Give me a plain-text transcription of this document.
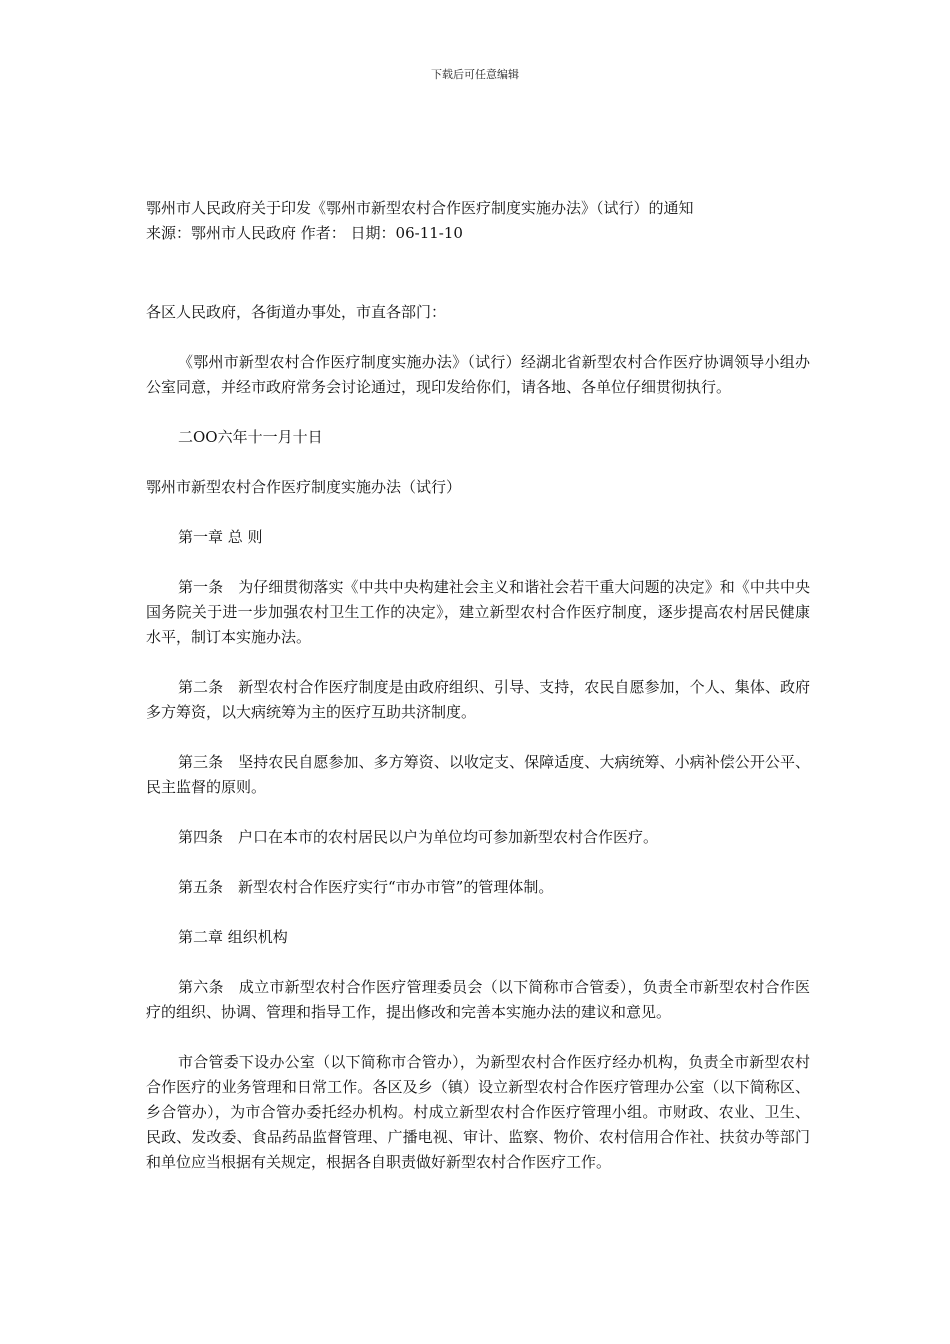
下载后可任意编辑

鄂州市人民政府关于印发《鄂州市新型农村合作医疗制度实施办法》（试行）的通知

来源：鄂州市人民政府 作者： 日期：06-11-10

各区人民政府，各街道办事处，市直各部门：

《鄂州市新型农村合作医疗制度实施办法》（试行）经湖北省新型农村合作医疗协调领导小组办公室同意，并经市政府常务会讨论通过，现印发给你们，请各地、各单位仔细贯彻执行。

二OO六年十一月十日

鄂州市新型农村合作医疗制度实施办法（试行）

第一章 总 则

第一条　为仔细贯彻落实《中共中央构建社会主义和谐社会若干重大问题的决定》和《中共中央国务院关于进一步加强农村卫生工作的决定》，建立新型农村合作医疗制度，逐步提高农村居民健康水平，制订本实施办法。

第二条　新型农村合作医疗制度是由政府组织、引导、支持，农民自愿参加，个人、集体、政府多方筹资，以大病统筹为主的医疗互助共济制度。

第三条　坚持农民自愿参加、多方筹资、以收定支、保障适度、大病统筹、小病补偿公开公平、民主监督的原则。

第四条　户口在本市的农村居民以户为单位均可参加新型农村合作医疗。

第五条　新型农村合作医疗实行“市办市管”的管理体制。

第二章 组织机构

第六条　成立市新型农村合作医疗管理委员会（以下简称市合管委），负责全市新型农村合作医疗的组织、协调、管理和指导工作，提出修改和完善本实施办法的建议和意见。

市合管委下设办公室（以下简称市合管办），为新型农村合作医疗经办机构，负责全市新型农村合作医疗的业务管理和日常工作。各区及乡（镇）设立新型农村合作医疗管理办公室（以下简称区、乡合管办），为市合管办委托经办机构。村成立新型农村合作医疗管理小组。市财政、农业、卫生、民政、发改委、食品药品监督管理、广播电视、审计、监察、物价、农村信用合作社、扶贫办等部门和单位应当根据有关规定，根据各自职责做好新型农村合作医疗工作。
